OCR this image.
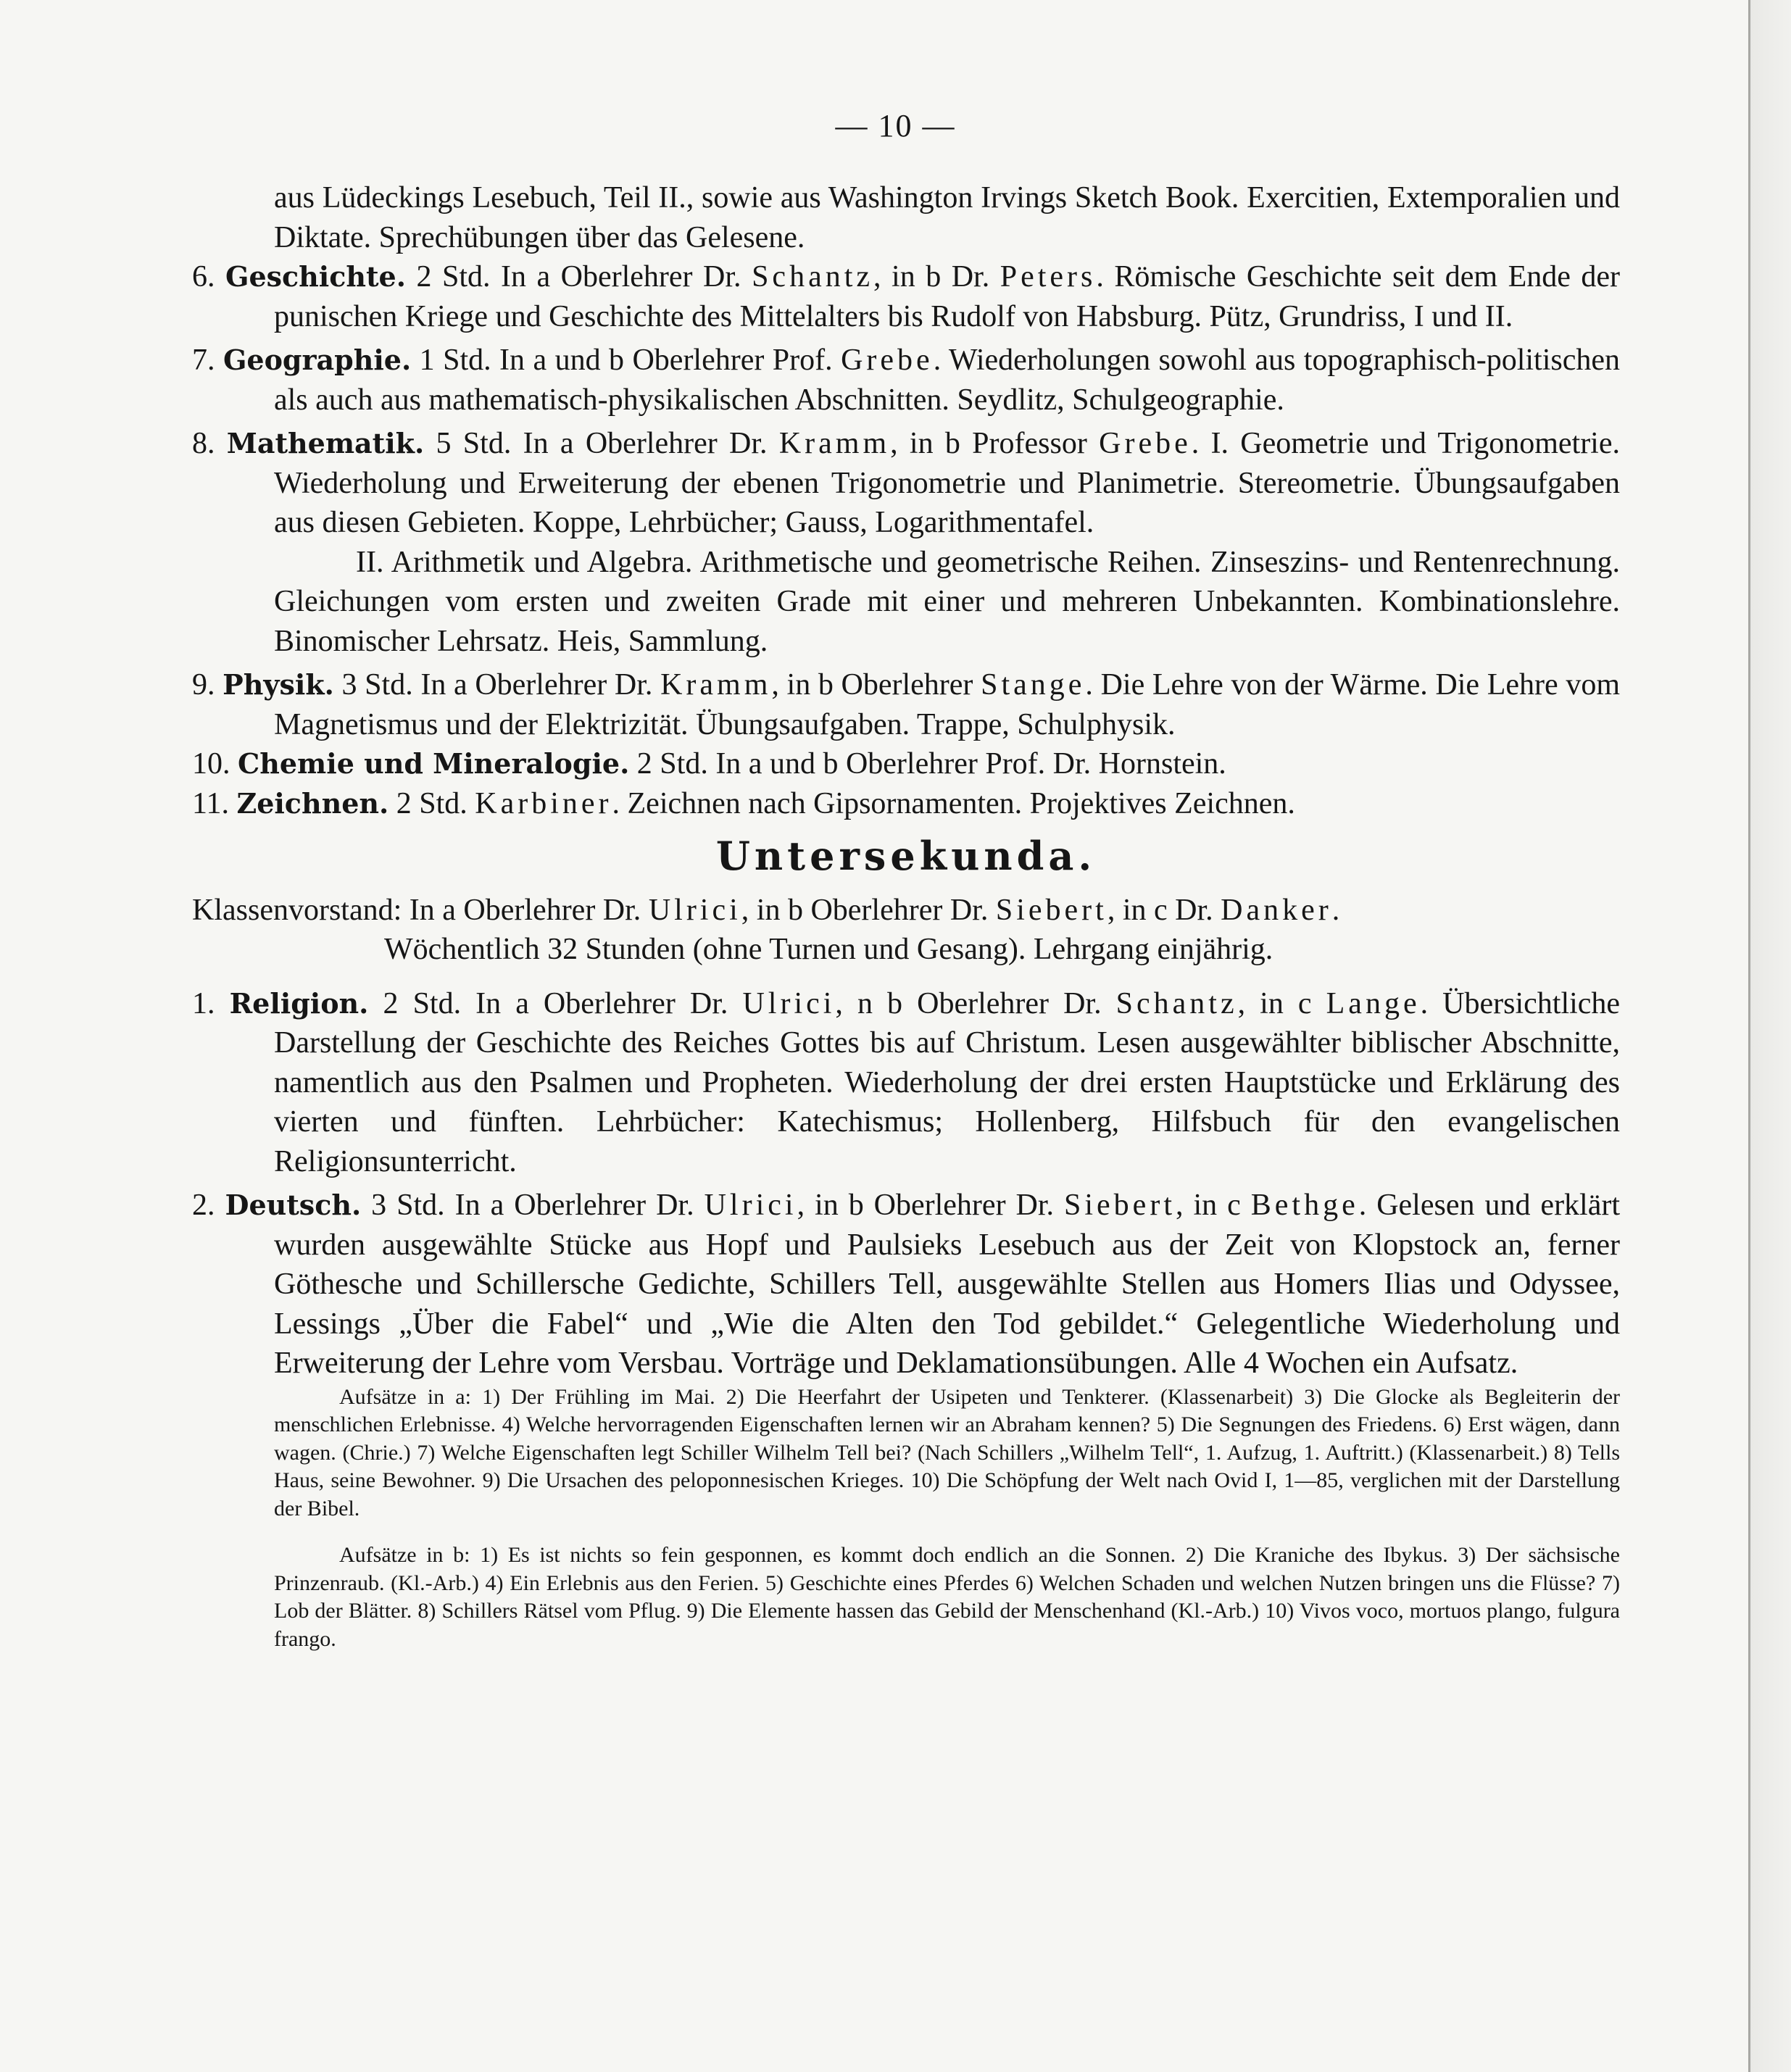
— 10 —

aus Lüdeckings Lesebuch, Teil II., sowie aus Washington Irvings Sketch Book. Exercitien, Extemporalien und Diktate. Sprechübungen über das Gelesene.

6. Geschichte. 2 Std. In a Oberlehrer Dr. Schantz, in b Dr. Peters. Römische Geschichte seit dem Ende der punischen Kriege und Geschichte des Mittelalters bis Rudolf von Habsburg. Pütz, Grundriss, I und II.

7. Geographie. 1 Std. In a und b Oberlehrer Prof. Grebe. Wiederholungen sowohl aus topographisch-politischen als auch aus mathematisch-physikalischen Abschnitten. Seydlitz, Schulgeographie.

8. Mathematik. 5 Std. In a Oberlehrer Dr. Kramm, in b Professor Grebe. I. Geometrie und Trigonometrie. Wiederholung und Erweiterung der ebenen Trigonometrie und Planimetrie. Stereometrie. Übungsaufgaben aus diesen Gebieten. Koppe, Lehrbücher; Gauss, Logarithmentafel.

II. Arithmetik und Algebra. Arithmetische und geometrische Reihen. Zinseszins- und Rentenrechnung. Gleichungen vom ersten und zweiten Grade mit einer und mehreren Unbekannten. Kombinationslehre. Binomischer Lehrsatz. Heis, Sammlung.

9. Physik. 3 Std. In a Oberlehrer Dr. Kramm, in b Oberlehrer Stange. Die Lehre von der Wärme. Die Lehre vom Magnetismus und der Elektrizität. Übungsaufgaben. Trappe, Schulphysik.

10. Chemie und Mineralogie. 2 Std. In a und b Oberlehrer Prof. Dr. Hornstein.

11. Zeichnen. 2 Std. Karbiner. Zeichnen nach Gipsornamenten. Projektives Zeichnen.

Untersekunda.

Klassenvorstand: In a Oberlehrer Dr. Ulrici, in b Oberlehrer Dr. Siebert, in c Dr. Danker.
Wöchentlich 32 Stunden (ohne Turnen und Gesang). Lehrgang einjährig.

1. Religion. 2 Std. In a Oberlehrer Dr. Ulrici, n b Oberlehrer Dr. Schantz, in c Lange. Übersichtliche Darstellung der Geschichte des Reiches Gottes bis auf Christum. Lesen ausgewählter biblischer Abschnitte, namentlich aus den Psalmen und Propheten. Wiederholung der drei ersten Hauptstücke und Erklärung des vierten und fünften. Lehrbücher: Katechismus; Hollenberg, Hilfsbuch für den evangelischen Religionsunterricht.

2. Deutsch. 3 Std. In a Oberlehrer Dr. Ulrici, in b Oberlehrer Dr. Siebert, in c Bethge. Gelesen und erklärt wurden ausgewählte Stücke aus Hopf und Paulsieks Lesebuch aus der Zeit von Klopstock an, ferner Göthesche und Schillersche Gedichte, Schillers Tell, ausgewählte Stellen aus Homers Ilias und Odyssee, Lessings „Über die Fabel“ und „Wie die Alten den Tod gebildet.“ Gelegentliche Wiederholung und Erweiterung der Lehre vom Versbau. Vorträge und Deklamationsübungen. Alle 4 Wochen ein Aufsatz.

Aufsätze in a: 1) Der Frühling im Mai. 2) Die Heerfahrt der Usipeten und Tenkterer. (Klassenarbeit) 3) Die Glocke als Begleiterin der menschlichen Erlebnisse. 4) Welche hervorragenden Eigenschaften lernen wir an Abraham kennen? 5) Die Segnungen des Friedens. 6) Erst wägen, dann wagen. (Chrie.) 7) Welche Eigenschaften legt Schiller Wilhelm Tell bei? (Nach Schillers „Wilhelm Tell“, 1. Aufzug, 1. Auftritt.) (Klassenarbeit.) 8) Tells Haus, seine Bewohner. 9) Die Ursachen des peloponnesischen Krieges. 10) Die Schöpfung der Welt nach Ovid I, 1—85, verglichen mit der Darstellung der Bibel.

Aufsätze in b: 1) Es ist nichts so fein gesponnen, es kommt doch endlich an die Sonnen. 2) Die Kraniche des Ibykus. 3) Der sächsische Prinzenraub. (Kl.-Arb.) 4) Ein Erlebnis aus den Ferien. 5) Geschichte eines Pferdes 6) Welchen Schaden und welchen Nutzen bringen uns die Flüsse? 7) Lob der Blätter. 8) Schillers Rätsel vom Pflug. 9) Die Elemente hassen das Gebild der Menschenhand (Kl.-Arb.) 10) Vivos voco, mortuos plango, fulgura frango.
